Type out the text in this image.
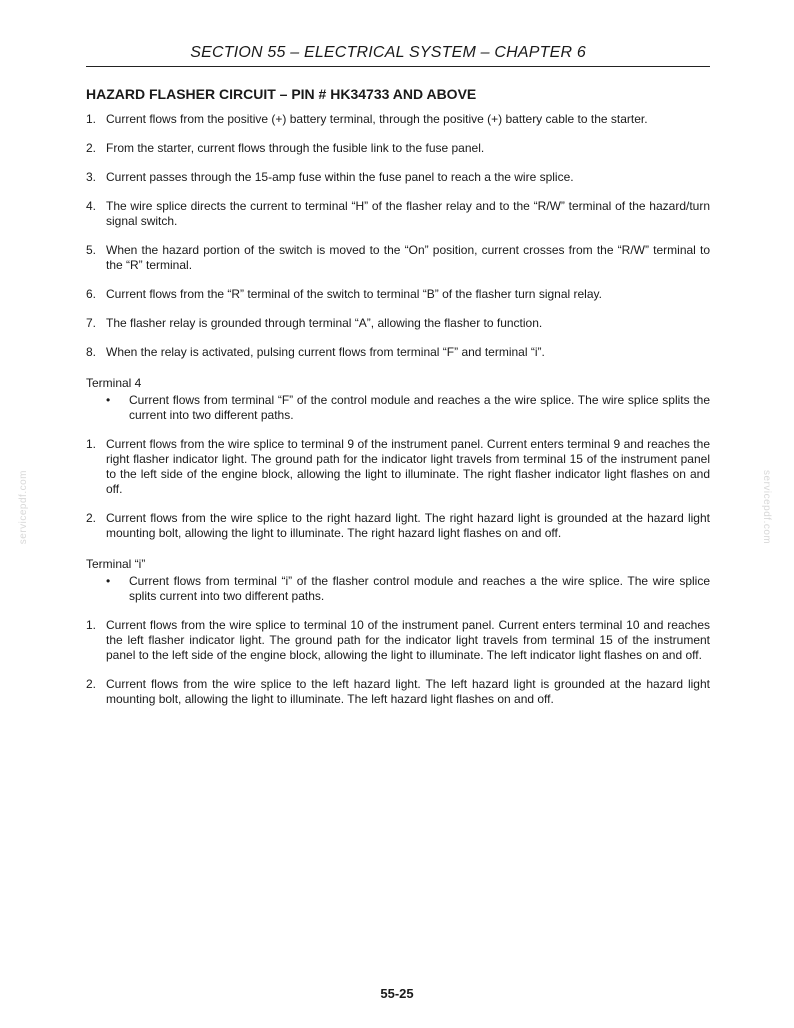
SECTION 55 – ELECTRICAL SYSTEM – CHAPTER 6
servicepdf.com	servicepdf.com
HAZARD FLASHER CIRCUIT – PIN # HK34733 AND ABOVE
1. Current flows from the positive (+) battery terminal, through the positive (+) battery cable to the starter.
2. From the starter, current flows through the fusible link to the fuse panel.
3. Current passes through the 15-amp fuse within the fuse panel to reach a the wire splice.
4. The wire splice directs the current to terminal “H” of the flasher relay and to the “R/W” terminal of the hazard/turn signal switch.
5. When the hazard portion of the switch is moved to the “On” position, current crosses from the “R/W” terminal to the “R” terminal.
6. Current flows from the “R” terminal of the switch to terminal “B” of the flasher turn signal relay.
7. The flasher relay is grounded through terminal “A”, allowing the flasher to function.
8. When the relay is activated, pulsing current flows from terminal “F” and terminal “i”.
Terminal 4
•	Current flows from terminal “F” of the control module and reaches a the wire splice. The wire splice splits the current into two different paths.
1. Current flows from the wire splice to terminal 9 of the instrument panel. Current enters terminal 9 and reaches the right flasher indicator light. The ground path for the indicator light travels from terminal 15 of the instrument panel to the left side of the engine block, allowing the light to illuminate. The right flasher indicator light flashes on and off.
2. Current flows from the wire splice to the right hazard light. The right hazard light is grounded at the hazard light mounting bolt, allowing the light to illuminate. The right hazard light flashes on and off.
Terminal “i”
•	Current flows from terminal “i” of the flasher control module and reaches a the wire splice. The wire splice splits current into two different paths.
1. Current flows from the wire splice to terminal 10 of the instrument panel. Current enters terminal 10 and reaches the left flasher indicator light. The ground path for the indicator light travels from terminal 15 of the instrument panel to the left side of the engine block, allowing the light to illuminate. The left indicator light flashes on and off.
2. Current flows from the wire splice to the left hazard light. The left hazard light is grounded at the hazard light mounting bolt, allowing the light to illuminate. The left hazard light flashes on and off.
55-25
